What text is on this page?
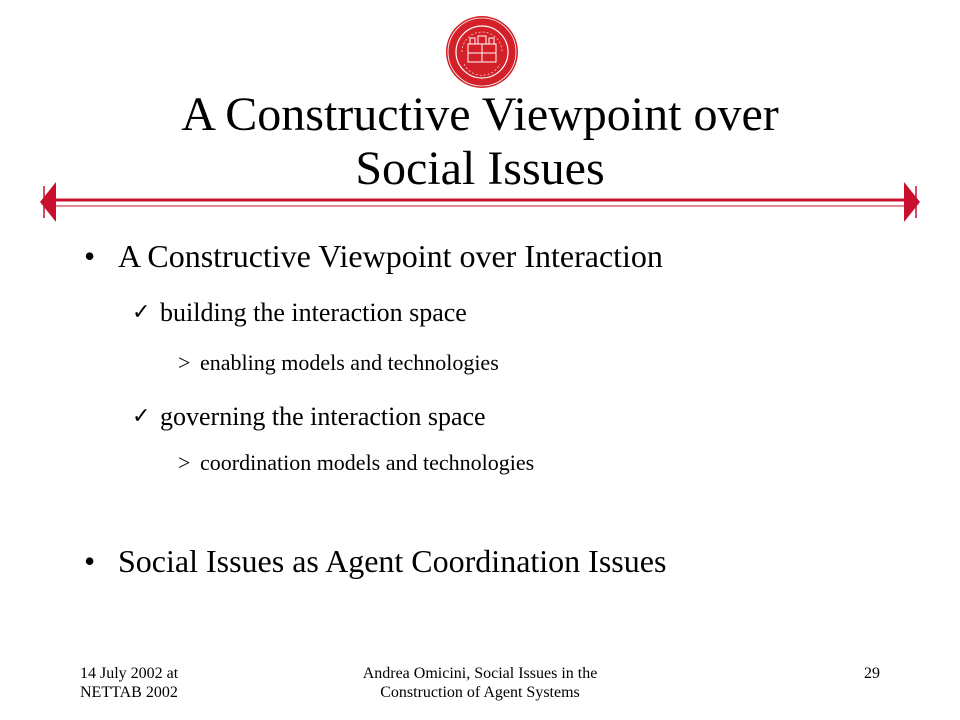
A Constructive Viewpoint over
Social Issues
• A Constructive Viewpoint over Interaction
✓ building the interaction space
> enabling models and technologies
✓ governing the interaction space
> coordination models and technologies
• Social Issues as Agent Coordination Issues
14 July 2002 at
NETTAB 2002
Andrea Omicini, Social Issues in the
Construction of Agent Systems
29
